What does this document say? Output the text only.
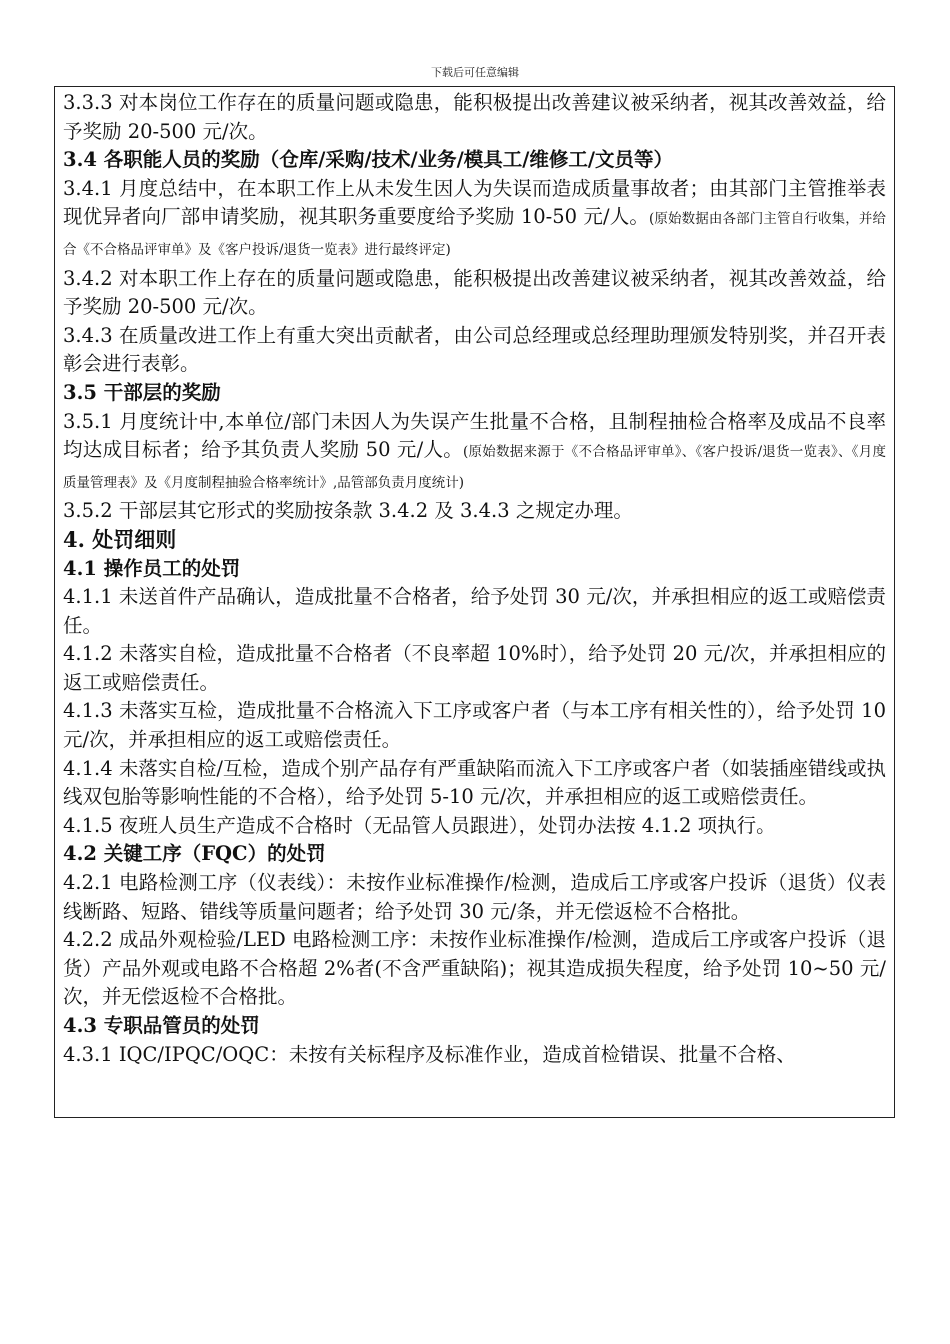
下载后可任意编辑

3.3.3 对本岗位工作存在的质量问题或隐患，能积极提出改善建议被采纳者，视其改善效益，给予奖励 20-500 元/次。

3.4 各职能人员的奖励（仓库/采购/技术/业务/模具工/维修工/文员等）

3.4.1 月度总结中，在本职工作上从未发生因人为失误而造成质量事故者；由其部门主管推举表现优异者向厂部申请奖励，视其职务重要度给予奖励 10-50 元/人。(原始数据由各部门主管自行收集，并给合《不合格品评审单》及《客户投诉/退货一览表》进行最终评定)

3.4.2 对本职工作上存在的质量问题或隐患，能积极提出改善建议被采纳者，视其改善效益，给予奖励 20-500 元/次。

3.4.3 在质量改进工作上有重大突出贡献者，由公司总经理或总经理助理颁发特别奖，并召开表彰会进行表彰。

3.5 干部层的奖励

3.5.1 月度统计中,本单位/部门未因人为失误产生批量不合格，且制程抽检合格率及成品不良率均达成目标者；给予其负责人奖励 50 元/人。(原始数据来源于《不合格品评审单》、《客户投诉/退货一览表》、《月度质量管理表》及《月度制程抽验合格率统计》,品管部负责月度统计)

3.5.2 干部层其它形式的奖励按条款 3.4.2 及 3.4.3 之规定办理。

4. 处罚细则

4.1 操作员工的处罚

4.1.1 未送首件产品确认，造成批量不合格者，给予处罚 30 元/次，并承担相应的返工或赔偿责任。

4.1.2 未落实自检，造成批量不合格者（不良率超 10%时），给予处罚 20 元/次，并承担相应的返工或赔偿责任。

4.1.3 未落实互检，造成批量不合格流入下工序或客户者（与本工序有相关性的），给予处罚 10 元/次，并承担相应的返工或赔偿责任。

4.1.4 未落实自检/互检，造成个别产品存有严重缺陷而流入下工序或客户者（如装插座错线或执线双包胎等影响性能的不合格），给予处罚 5-10 元/次，并承担相应的返工或赔偿责任。

4.1.5 夜班人员生产造成不合格时（无品管人员跟进），处罚办法按 4.1.2 项执行。

4.2 关键工序（FQC）的处罚

4.2.1 电路检测工序（仪表线）：未按作业标准操作/检测，造成后工序或客户投诉（退货）仪表线断路、短路、错线等质量问题者；给予处罚 30 元/条，并无偿返检不合格批。

4.2.2 成品外观检验/LED 电路检测工序：未按作业标准操作/检测，造成后工序或客户投诉（退货）产品外观或电路不合格超 2%者(不含严重缺陷)；视其造成损失程度，给予处罚 10~50 元/次，并无偿返检不合格批。

4.3 专职品管员的处罚

4.3.1 IQC/IPQC/OQC：未按有关标程序及标准作业，造成首检错误、批量不合格、
